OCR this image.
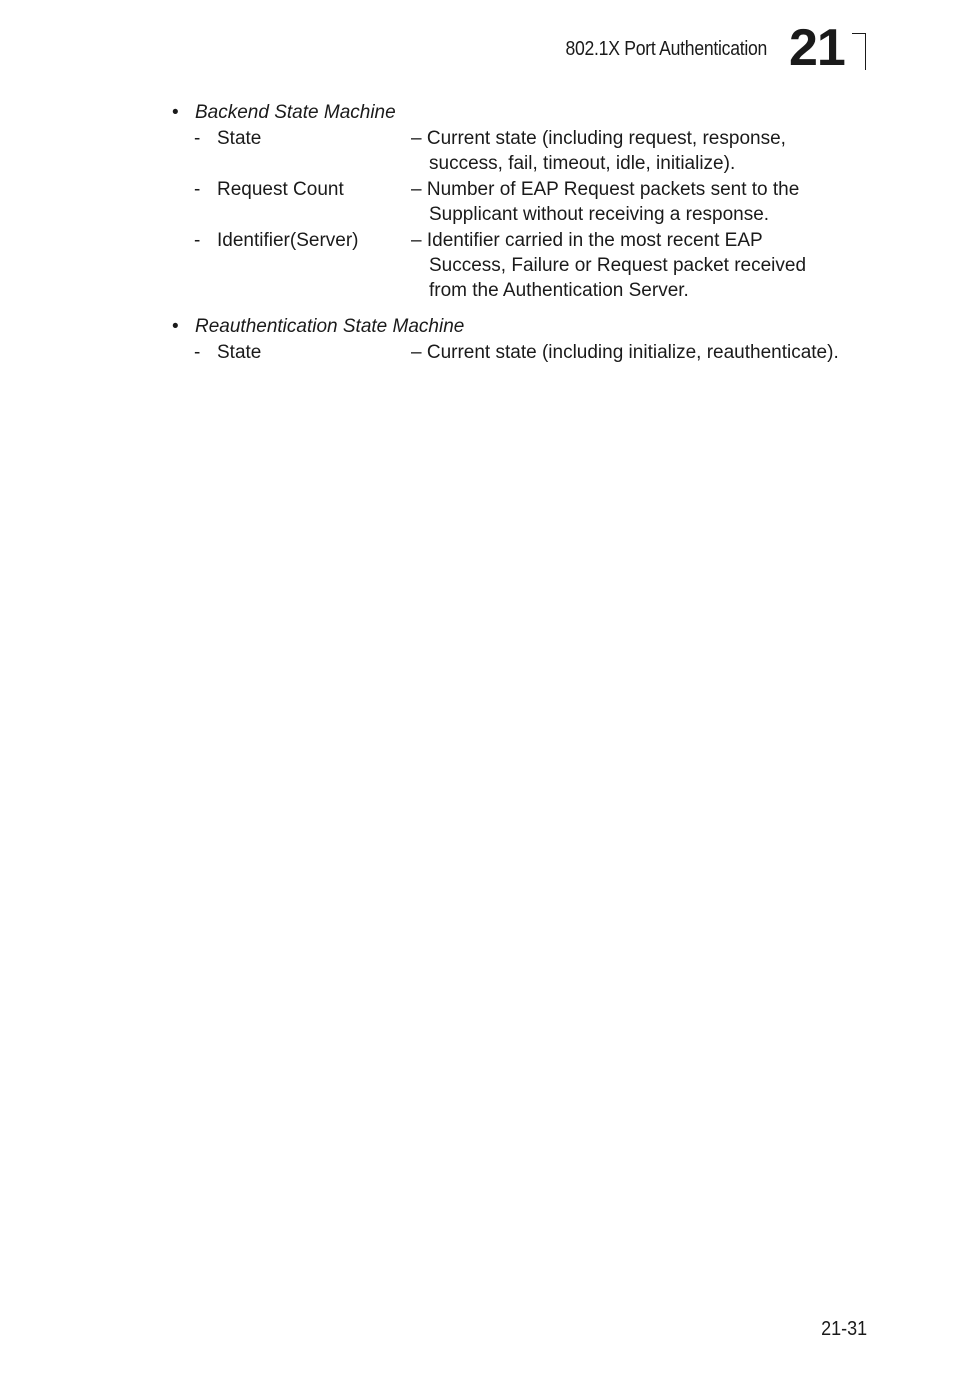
802.1X Port Authentication 21
• Backend State Machine
- State	– Current state (including request, response,
success, fail, timeout, idle, initialize).
- Request Count	– Number of EAP Request packets sent to the
Supplicant without receiving a response.
- Identifier(Server)	– Identifier carried in the most recent EAP
Success, Failure or Request packet received
from the Authentication Server.
• Reauthentication State Machine
- State	– Current state (including initialize, reauthenticate).
21-31
